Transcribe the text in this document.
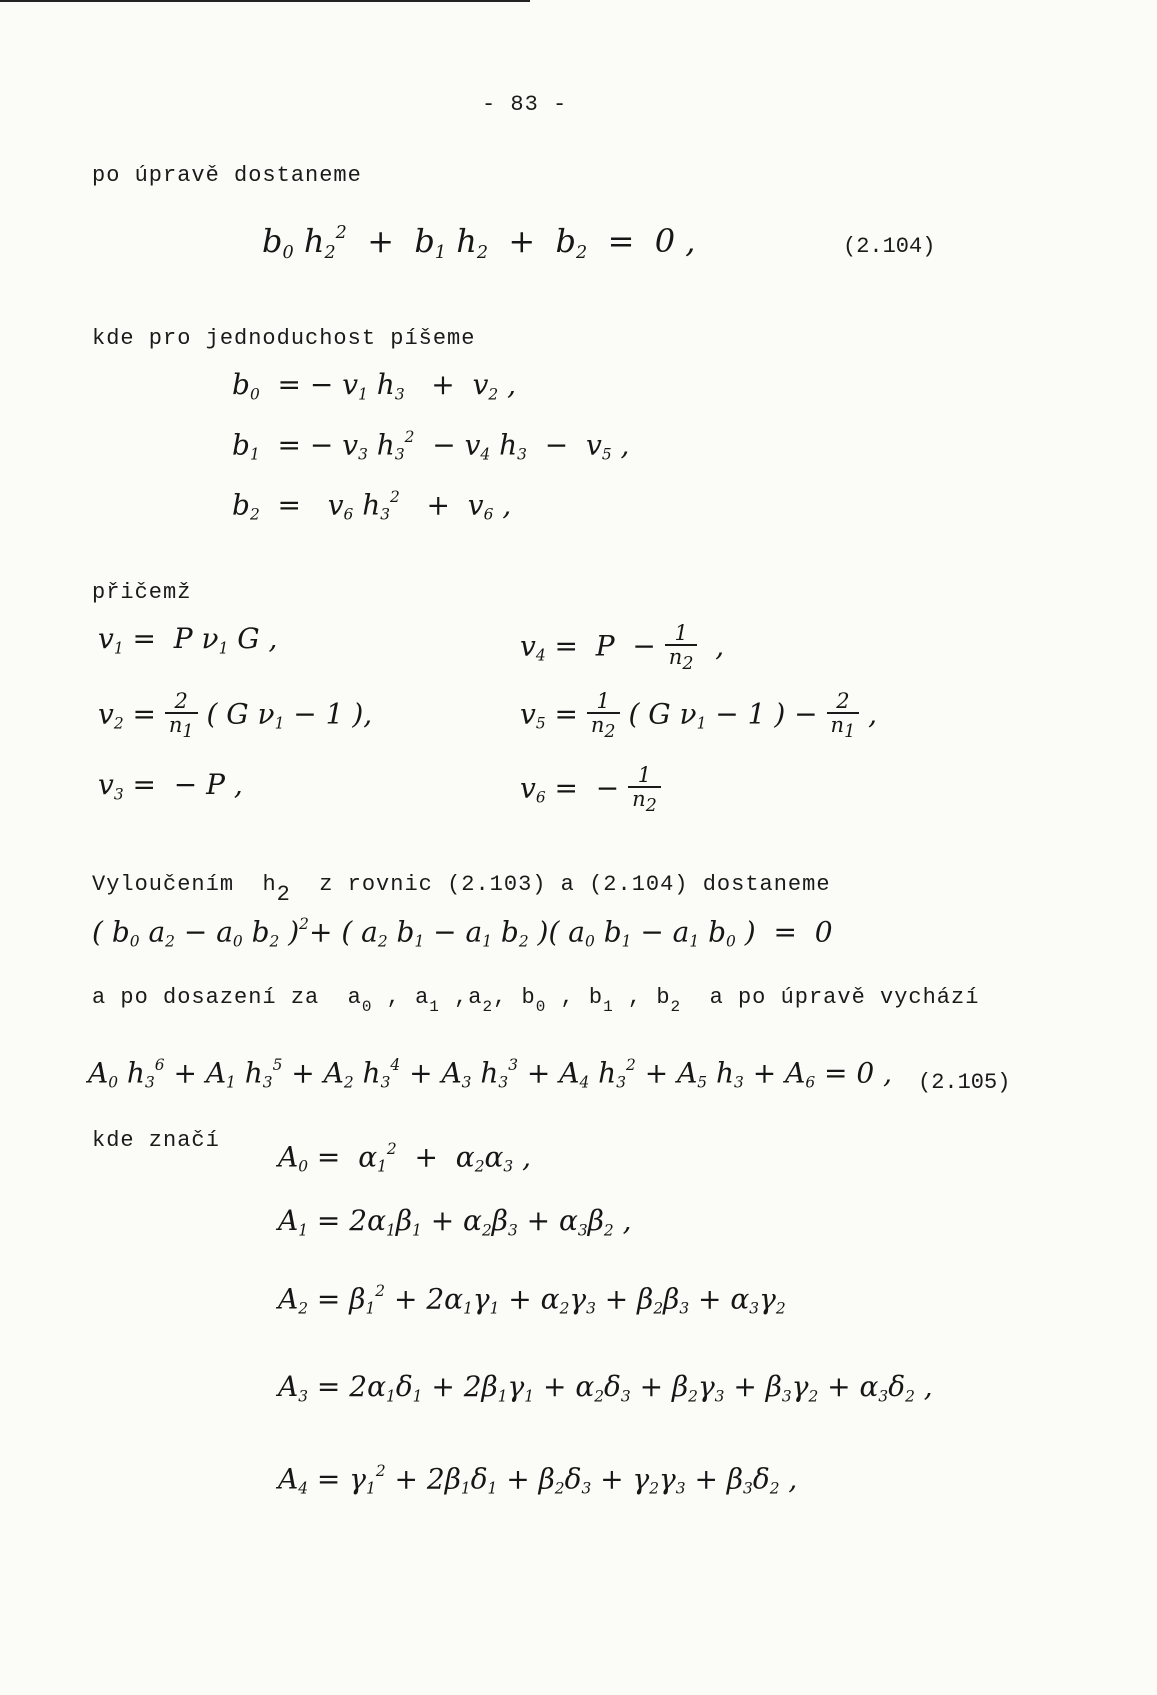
- 83 -
po úpravě dostaneme
$b_0$ $h_2^2 + b_1$ $h_2 + b_2 = 0$ ,	(2.104)
kde pro jednoduchost píšeme
$b_0$  = − $v_1$ $h_3 + v_2$ ,
$b_1$  = − $v_3$ $h_3^2 - v_4$ $h_3 - v_5$ ,
$b_2 = v_6$ $h_3^2 + v_6$ ,
přičemž
$v_1 = P$ $\nu_1$ G ,
$v_2 = \frac{2}{n_1}$ ( G $\nu_1 - 1$ ),
$v_3$ =  − P ,
$v_4 = P - \frac{1}{n_2}$ ,
$v_5 = \frac{1}{n_2}$ ( G $\nu_1 - 1$ ) − $\frac{2}{n_1}$ ,
$v_6$ =  − $\frac{1}{n_2}$
Vyloučením h2 z rovnic (2.103) a (2.104) dostaneme
( $b_0$ $a_2 - a_0$ $b_2$ )$^2$+ ( $a_2$ $b_1 - a_1$ $b_2$ )( $a_0$ $b_1 - a_1$ $b_0$ )  =  0
a po dosazení za $a_0$ , $a_1$ $,a_2$, $b_0$ , $b_1$ , $b_2$ a po úpravě vychází
$A_0$ $h_3^6 + A_1$ $h_3^5 + A_2$ $h_3^4 + A_3$ $h_3^3 + A_4$ $h_3^2 + A_5$ $h_3 + A_6 = 0$ , (2.105)
kde značí $A_0 = \alpha_1^2 + \alpha_2\alpha_3$ ,
$A_1 = 2\alpha_1\beta_1 + \alpha_2\beta_3 + \alpha_3\beta_2$ ,
$A_2 = \beta_1^2 + 2\alpha_1\gamma_1 + \alpha_2\gamma_3 + \beta_2\beta_3 + \alpha_3\gamma_2$
$A_3 = 2\alpha_1\delta_1 + 2\beta_1\gamma_1 + \alpha_2\delta_3 + \beta_2\gamma_3 + \beta_3\gamma_2 + \alpha_3\delta_2$ ,
$A_4 = \gamma_1^2 + 2\beta_1\delta_1 + \beta_2\delta_3 + \gamma_2\gamma_3 + \beta_3\delta_2$ ,
